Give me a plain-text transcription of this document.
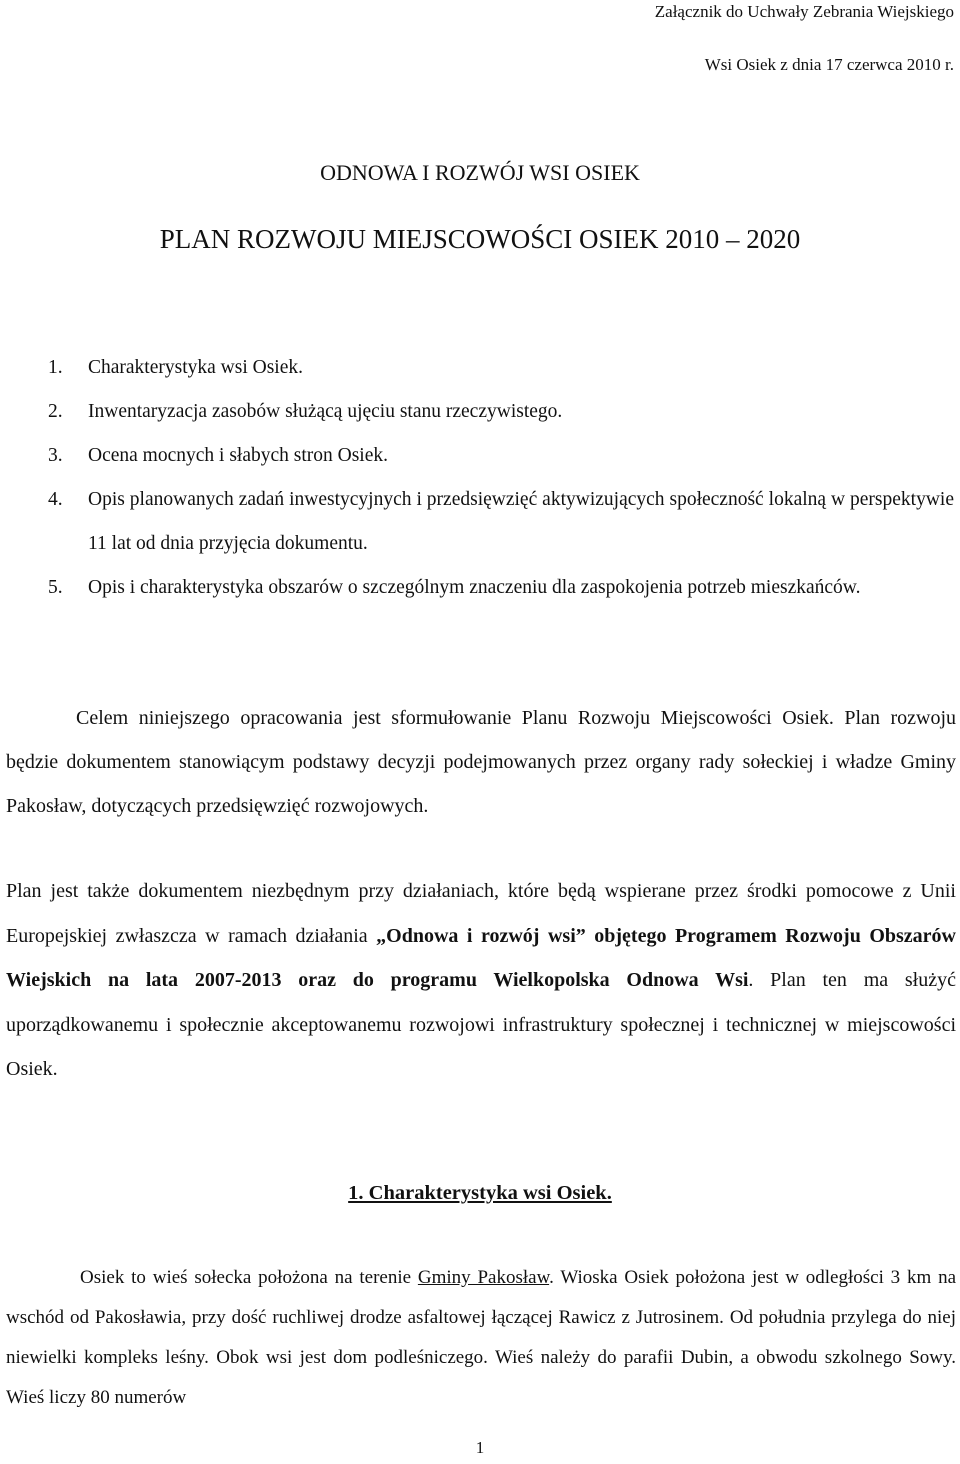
Załącznik do Uchwały Zebrania Wiejskiego
Wsi Osiek z dnia 17 czerwca 2010 r.
ODNOWA I ROZWÓJ WSI OSIEK
PLAN ROZWOJU MIEJSCOWOŚCI OSIEK 2010 – 2020
1. Charakterystyka wsi Osiek.
2. Inwentaryzacja zasobów służącą ujęciu stanu rzeczywistego.
3. Ocena mocnych i słabych stron Osiek.
4. Opis planowanych zadań inwestycyjnych i przedsięwzięć aktywizujących społeczność lokalną w perspektywie 11 lat od dnia przyjęcia dokumentu.
5. Opis i charakterystyka obszarów o szczególnym znaczeniu dla zaspokojenia potrzeb mieszkańców.
Celem niniejszego opracowania jest sformułowanie Planu Rozwoju Miejscowości Osiek. Plan rozwoju będzie dokumentem stanowiącym podstawy decyzji podejmowanych przez organy rady sołeckiej i władze Gminy Pakosław, dotyczących przedsięwzięć rozwojowych.
Plan jest także dokumentem niezbędnym przy działaniach, które będą wspierane przez środki pomocowe z Unii Europejskiej zwłaszcza w ramach działania „Odnowa i rozwój wsi” objętego Programem Rozwoju Obszarów Wiejskich na lata 2007-2013 oraz do programu Wielkopolska Odnowa Wsi. Plan ten ma służyć uporządkowanemu i społecznie akceptowanemu rozwojowi infrastruktury społecznej i technicznej w miejscowości Osiek.
1. Charakterystyka wsi Osiek.
Osiek to wieś sołecka położona na terenie Gminy Pakosław. Wioska Osiek położona jest w odległości 3 km na wschód od Pakosławia, przy dość ruchliwej drodze asfaltowej łączącej Rawicz z Jutrosinem. Od południa przylega do niej niewielki kompleks leśny. Obok wsi jest dom podleśniczego. Wieś należy do parafii Dubin, a obwodu szkolnego Sowy. Wieś liczy 80 numerów
1
